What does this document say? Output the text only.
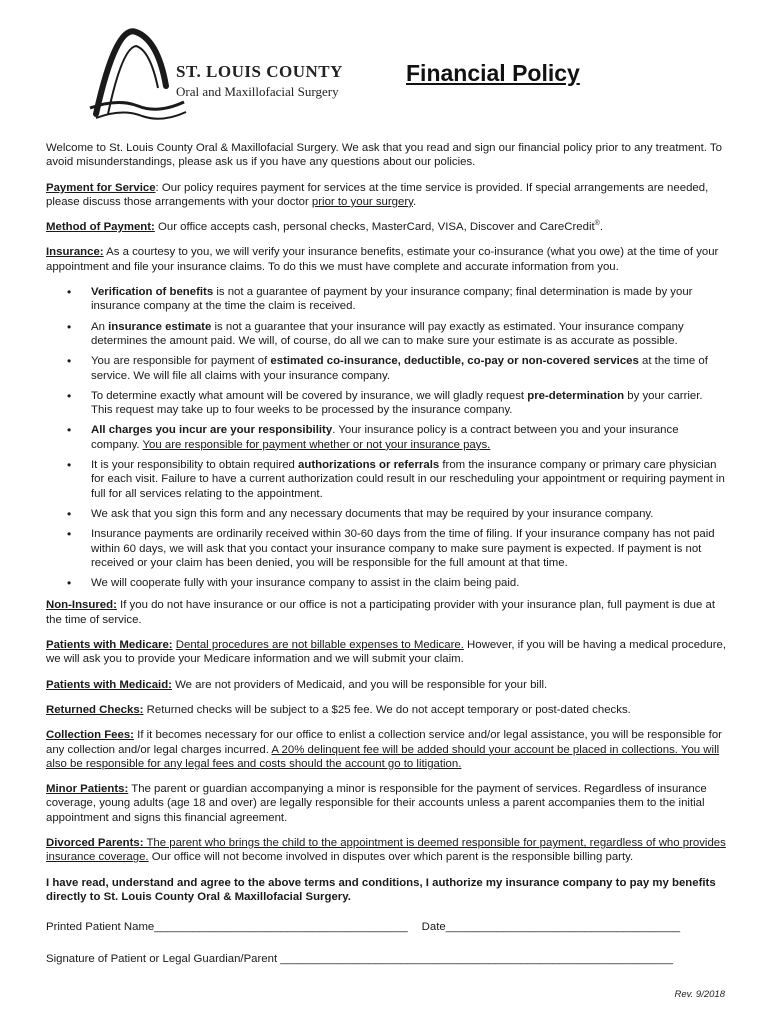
ST. LOUIS COUNTY
Oral and Maxillofacial Surgery
Financial Policy

Welcome to St. Louis County Oral & Maxillofacial Surgery. We ask that you read and sign our financial policy prior to any treatment. To avoid misunderstandings, please ask us if you have any questions about our policies.

Payment for Service: Our policy requires payment for services at the time service is provided. If special arrangements are needed, please discuss those arrangements with your doctor prior to your surgery.

Method of Payment: Our office accepts cash, personal checks, MasterCard, VISA, Discover and CareCredit®.

Insurance: As a courtesy to you, we will verify your insurance benefits, estimate your co-insurance (what you owe) at the time of your appointment and file your insurance claims. To do this we must have complete and accurate information from you.

• Verification of benefits is not a guarantee of payment by your insurance company; final determination is made by your insurance company at the time the claim is received.
• An insurance estimate is not a guarantee that your insurance will pay exactly as estimated. Your insurance company determines the amount paid. We will, of course, do all we can to make sure your estimate is as accurate as possible.
• You are responsible for payment of estimated co-insurance, deductible, co-pay or non-covered services at the time of service. We will file all claims with your insurance company.
• To determine exactly what amount will be covered by insurance, we will gladly request pre-determination by your carrier. This request may take up to four weeks to be processed by the insurance company.
• All charges you incur are your responsibility. Your insurance policy is a contract between you and your insurance company. You are responsible for payment whether or not your insurance pays.
• It is your responsibility to obtain required authorizations or referrals from the insurance company or primary care physician for each visit. Failure to have a current authorization could result in our rescheduling your appointment or requiring payment in full for all services relating to the appointment.
• We ask that you sign this form and any necessary documents that may be required by your insurance company.
• Insurance payments are ordinarily received within 30-60 days from the time of filing. If your insurance company has not paid within 60 days, we will ask that you contact your insurance company to make sure payment is expected. If payment is not received or your claim has been denied, you will be responsible for the full amount at that time.
• We will cooperate fully with your insurance company to assist in the claim being paid.

Non-Insured: If you do not have insurance or our office is not a participating provider with your insurance plan, full payment is due at the time of service.

Patients with Medicare: Dental procedures are not billable expenses to Medicare. However, if you will be having a medical procedure, we will ask you to provide your Medicare information and we will submit your claim.

Patients with Medicaid: We are not providers of Medicaid, and you will be responsible for your bill.

Returned Checks: Returned checks will be subject to a $25 fee. We do not accept temporary or post-dated checks.

Collection Fees: If it becomes necessary for our office to enlist a collection service and/or legal assistance, you will be responsible for any collection and/or legal charges incurred. A 20% delinquent fee will be added should your account be placed in collections. You will also be responsible for any legal fees and costs should the account go to litigation.

Minor Patients: The parent or guardian accompanying a minor is responsible for the payment of services. Regardless of insurance coverage, young adults (age 18 and over) are legally responsible for their accounts unless a parent accompanies them to the initial appointment and signs this financial agreement.

Divorced Parents: The parent who brings the child to the appointment is deemed responsible for payment, regardless of who provides insurance coverage. Our office will not become involved in disputes over which parent is the responsible billing party.

I have read, understand and agree to the above terms and conditions, I authorize my insurance company to pay my benefits directly to St. Louis County Oral & Maxillofacial Surgery.

Printed Patient Name________________________________________ Date_____________________________________
Signature of Patient or Legal Guardian/Parent ______________________________________________________________
Rev. 9/2018
